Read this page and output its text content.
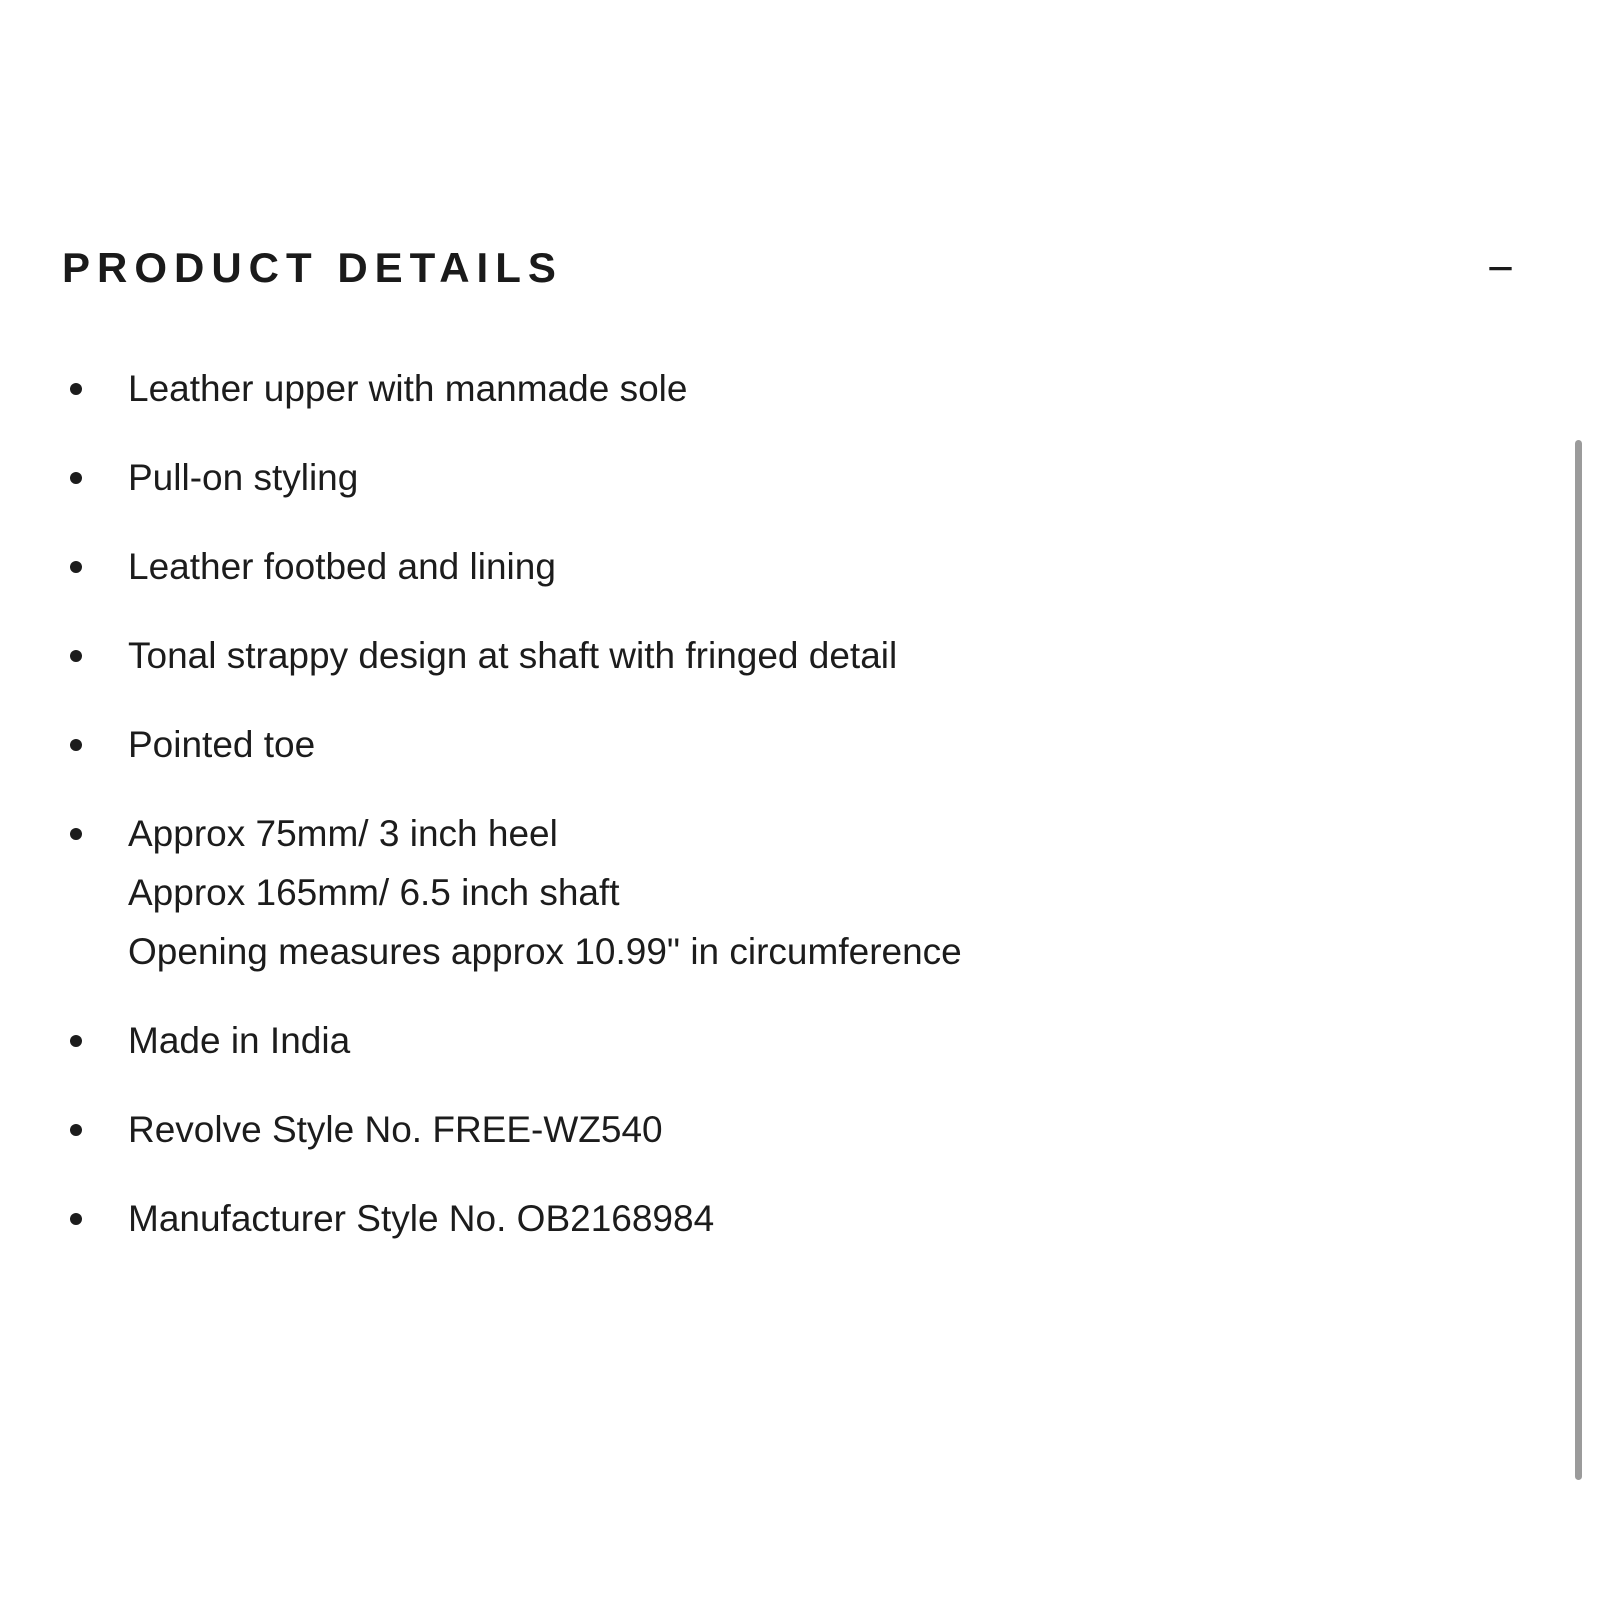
PRODUCT DETAILS	−
Leather upper with manmade sole
Pull-on styling
Leather footbed and lining
Tonal strappy design at shaft with fringed detail
Pointed toe
Approx 75mm/ 3 inch heel
Approx 165mm/ 6.5 inch shaft
Opening measures approx 10.99" in circumference
Made in India
Revolve Style No. FREE-WZ540
Manufacturer Style No. OB2168984
